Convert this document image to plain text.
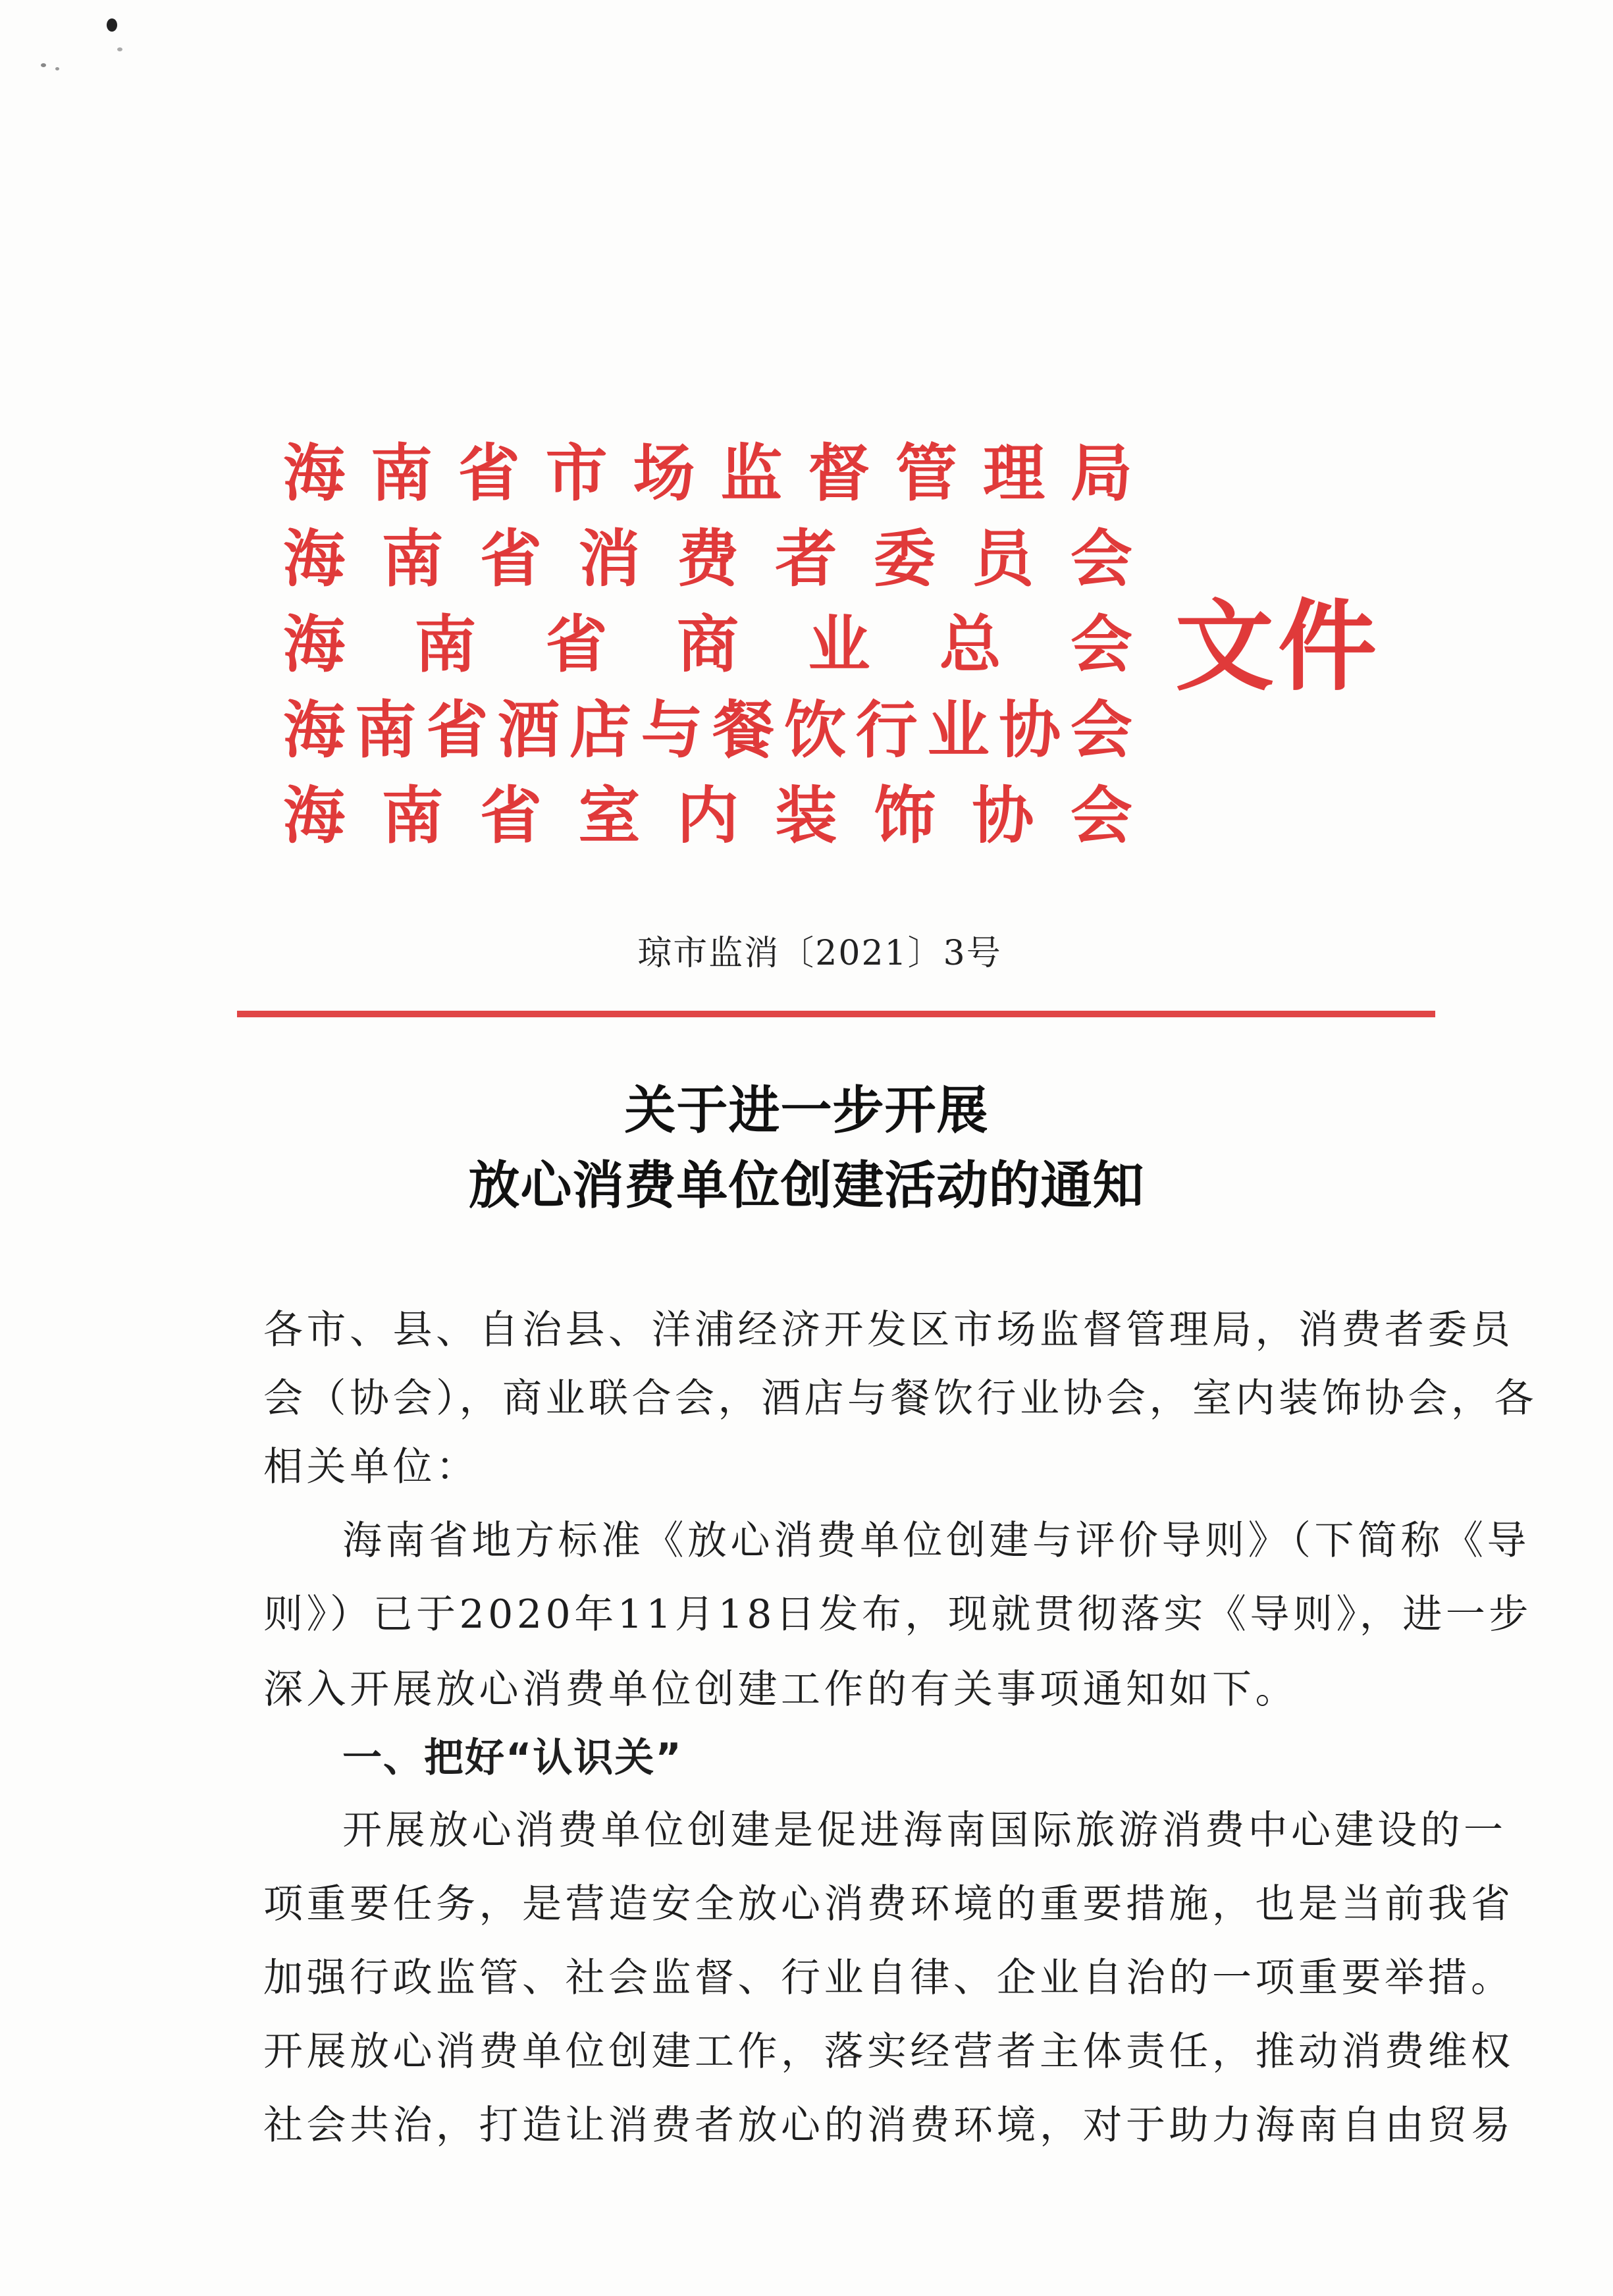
海 南 省 市 场 监 督 管 理 局
海 南 省 消 费 者 委 员 会
海 南 省 商 业 总 会
海 南 省 酒 店 与 餐 饮 行 业 协 会
海 南 省 室 内 装 饰 协 会
文件
琼市监消〔2021〕3号
关于进一步开展
放心消费单位创建活动的通知
各市、县、自治县、洋浦经济开发区市场监督管理局，消费者委员
会（协会），商业联合会，酒店与餐饮行业协会，室内装饰协会，各
相关单位：
海南省地方标准《放心消费单位创建与评价导则》（下简称《导
则》）已于2020年11月18日发布，现就贯彻落实《导则》，进一步
深入开展放心消费单位创建工作的有关事项通知如下。
一、把好“认识关”
开展放心消费单位创建是促进海南国际旅游消费中心建设的一
项重要任务，是营造安全放心消费环境的重要措施，也是当前我省
加强行政监管、社会监督、行业自律、企业自治的一项重要举措。
开展放心消费单位创建工作，落实经营者主体责任，推动消费维权
社会共治，打造让消费者放心的消费环境，对于助力海南自由贸易
